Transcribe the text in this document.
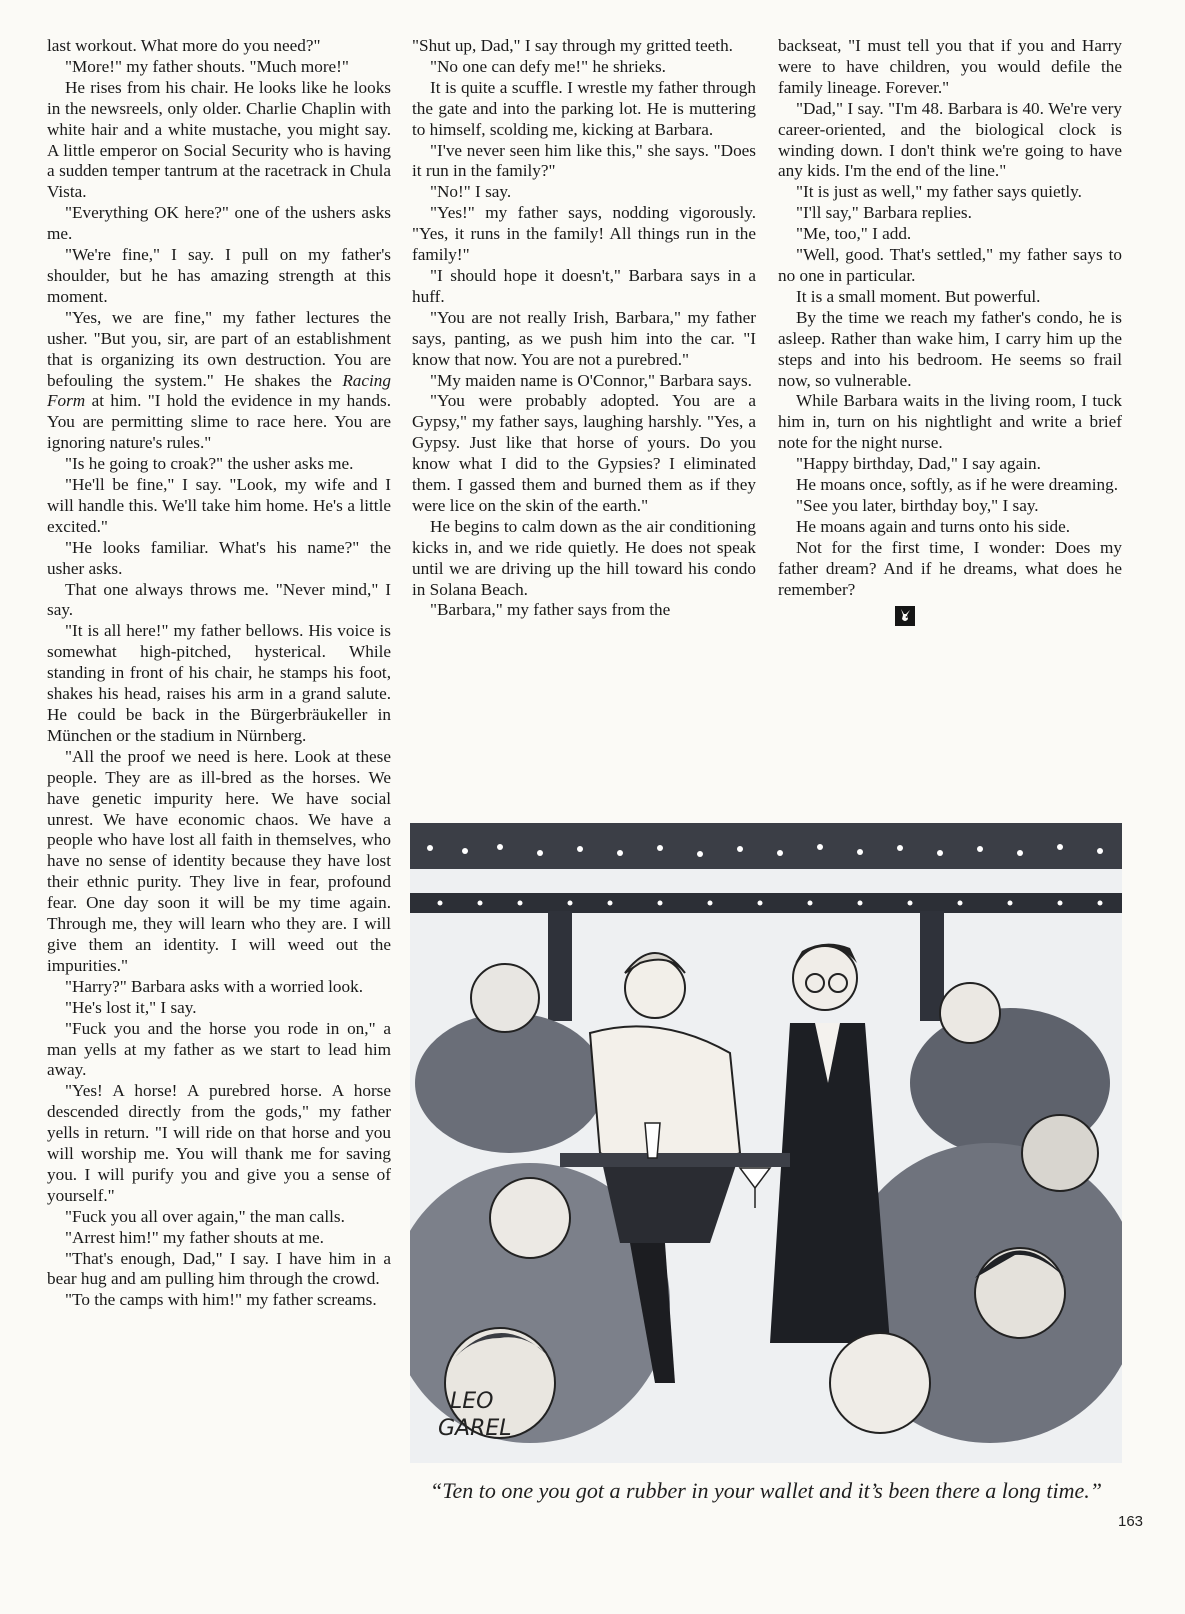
last workout. What more do you need?"

"More!" my father shouts. "Much more!"

He rises from his chair. He looks like he looks in the newsreels, only older. Charlie Chaplin with white hair and a white mustache, you might say. A little emperor on Social Security who is having a sudden temper tantrum at the racetrack in Chula Vista.

"Everything OK here?" one of the ushers asks me.

"We're fine," I say. I pull on my father's shoulder, but he has amazing strength at this moment.

"Yes, we are fine," my father lectures the usher. "But you, sir, are part of an establishment that is organizing its own destruction. You are befouling the system." He shakes the Racing Form at him. "I hold the evidence in my hands. You are permitting slime to race here. You are ignoring nature's rules."

"Is he going to croak?" the usher asks me.

"He'll be fine," I say. "Look, my wife and I will handle this. We'll take him home. He's a little excited."

"He looks familiar. What's his name?" the usher asks.

That one always throws me. "Never mind," I say.

"It is all here!" my father bellows. His voice is somewhat high-pitched, hysterical. While standing in front of his chair, he stamps his foot, shakes his head, raises his arm in a grand salute. He could be back in the Bürgerbräukeller in München or the stadium in Nürnberg.

"All the proof we need is here. Look at these people. They are as ill-bred as the horses. We have genetic impurity here. We have social unrest. We have economic chaos. We have a people who have lost all faith in themselves, who have no sense of identity because they have lost their ethnic purity. They live in fear, profound fear. One day soon it will be my time again. Through me, they will learn who they are. I will give them an identity. I will weed out the impurities."

"Harry?" Barbara asks with a worried look.

"He's lost it," I say.

"Fuck you and the horse you rode in on," a man yells at my father as we start to lead him away.

"Yes! A horse! A purebred horse. A horse descended directly from the gods," my father yells in return. "I will ride on that horse and you will worship me. You will thank me for saving you. I will purify you and give you a sense of yourself."

"Fuck you all over again," the man calls.

"Arrest him!" my father shouts at me.

"That's enough, Dad," I say. I have him in a bear hug and am pulling him through the crowd.

"To the camps with him!" my father screams.

"Shut up, Dad," I say through my gritted teeth.

"No one can defy me!" he shrieks.

It is quite a scuffle. I wrestle my father through the gate and into the parking lot. He is muttering to himself, scolding me, kicking at Barbara.

"I've never seen him like this," she says. "Does it run in the family?"

"No!" I say.

"Yes!" my father says, nodding vigorously. "Yes, it runs in the family! All things run in the family!"

"I should hope it doesn't," Barbara says in a huff.

"You are not really Irish, Barbara," my father says, panting, as we push him into the car. "I know that now. You are not a purebred."

"My maiden name is O'Connor," Barbara says.

"You were probably adopted. You are a Gypsy," my father says, laughing harshly. "Yes, a Gypsy. Just like that horse of yours. Do you know what I did to the Gypsies? I eliminated them. I gassed them and burned them as if they were lice on the skin of the earth."

He begins to calm down as the air conditioning kicks in, and we ride quietly. He does not speak until we are driving up the hill toward his condo in Solana Beach.

"Barbara," my father says from the

backseat, "I must tell you that if you and Harry were to have children, you would defile the family lineage. Forever."

"Dad," I say. "I'm 48. Barbara is 40. We're very career-oriented, and the biological clock is winding down. I don't think we're going to have any kids. I'm the end of the line."

"It is just as well," my father says quietly.

"I'll say," Barbara replies.

"Me, too," I add.

"Well, good. That's settled," my father says to no one in particular.

It is a small moment. But powerful.

By the time we reach my father's condo, he is asleep. Rather than wake him, I carry him up the steps and into his bedroom. He seems so frail now, so vulnerable.

While Barbara waits in the living room, I tuck him in, turn on his nightlight and write a brief note for the night nurse.

"Happy birthday, Dad," I say again.

He moans once, softly, as if he were dreaming.

"See you later, birthday boy," I say.

He moans again and turns onto his side.

Not for the first time, I wonder: Does my father dream? And if he dreams, what does he remember?

LEO
GAREL
“Ten to one you got a rubber in your wallet and it’s been there a long time.”
163
